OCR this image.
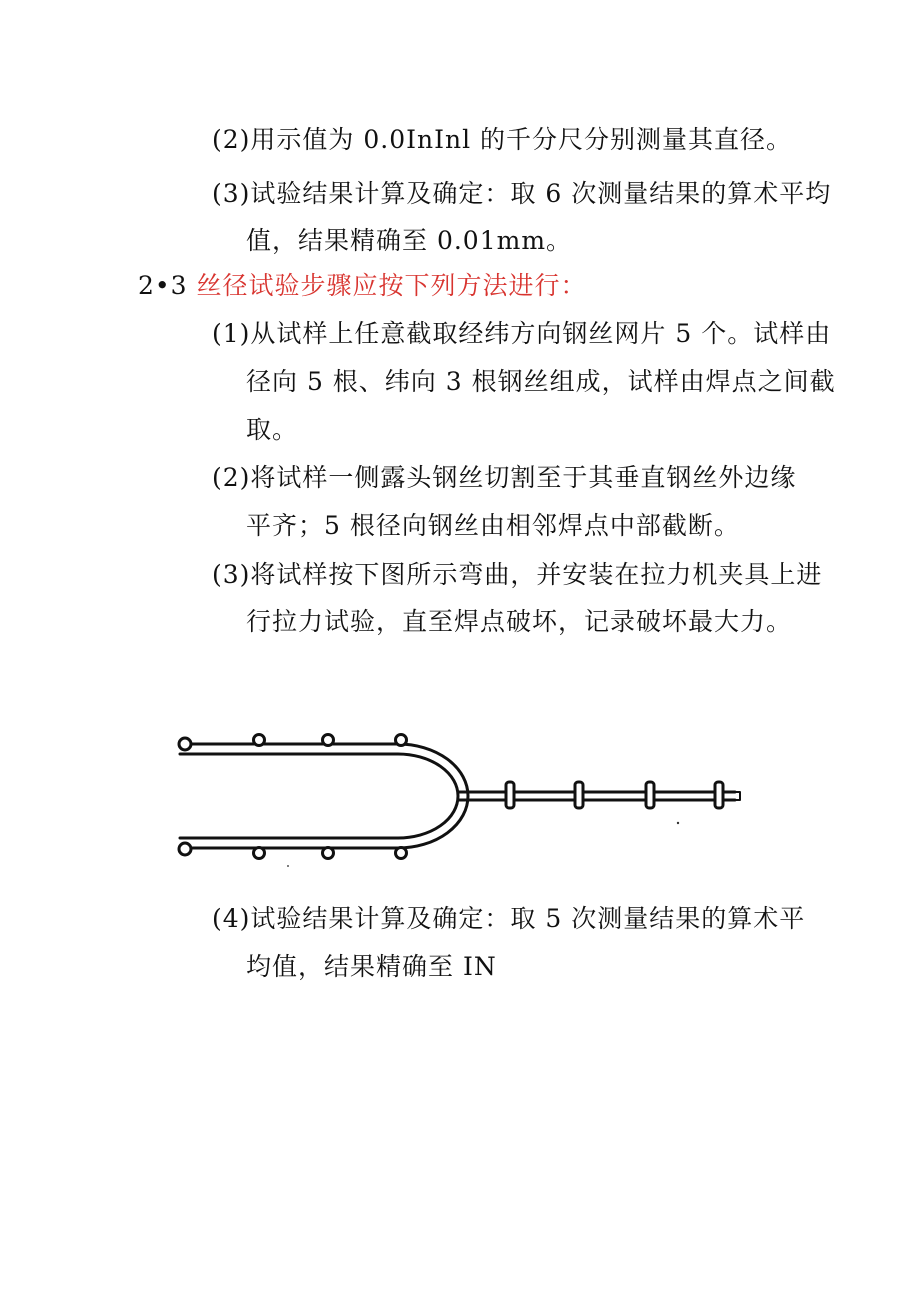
(2)用示值为 0.0InInl 的千分尺分别测量其直径。
(3)试验结果计算及确定：取 6 次测量结果的算术平均
值，结果精确至 0.01mm。
2•3 丝径试验步骤应按下列方法进行：
(1)从试样上任意截取经纬方向钢丝网片 5 个。试样由
径向 5 根、纬向 3 根钢丝组成，试样由焊点之间截
取。
(2)将试样一侧露头钢丝切割至于其垂直钢丝外边缘
平齐；5 根径向钢丝由相邻焊点中部截断。
(3)将试样按下图所示弯曲，并安装在拉力机夹具上进
行拉力试验，直至焊点破坏，记录破坏最大力。
(4)试验结果计算及确定：取 5 次测量结果的算术平
均值，结果精确至 IN
